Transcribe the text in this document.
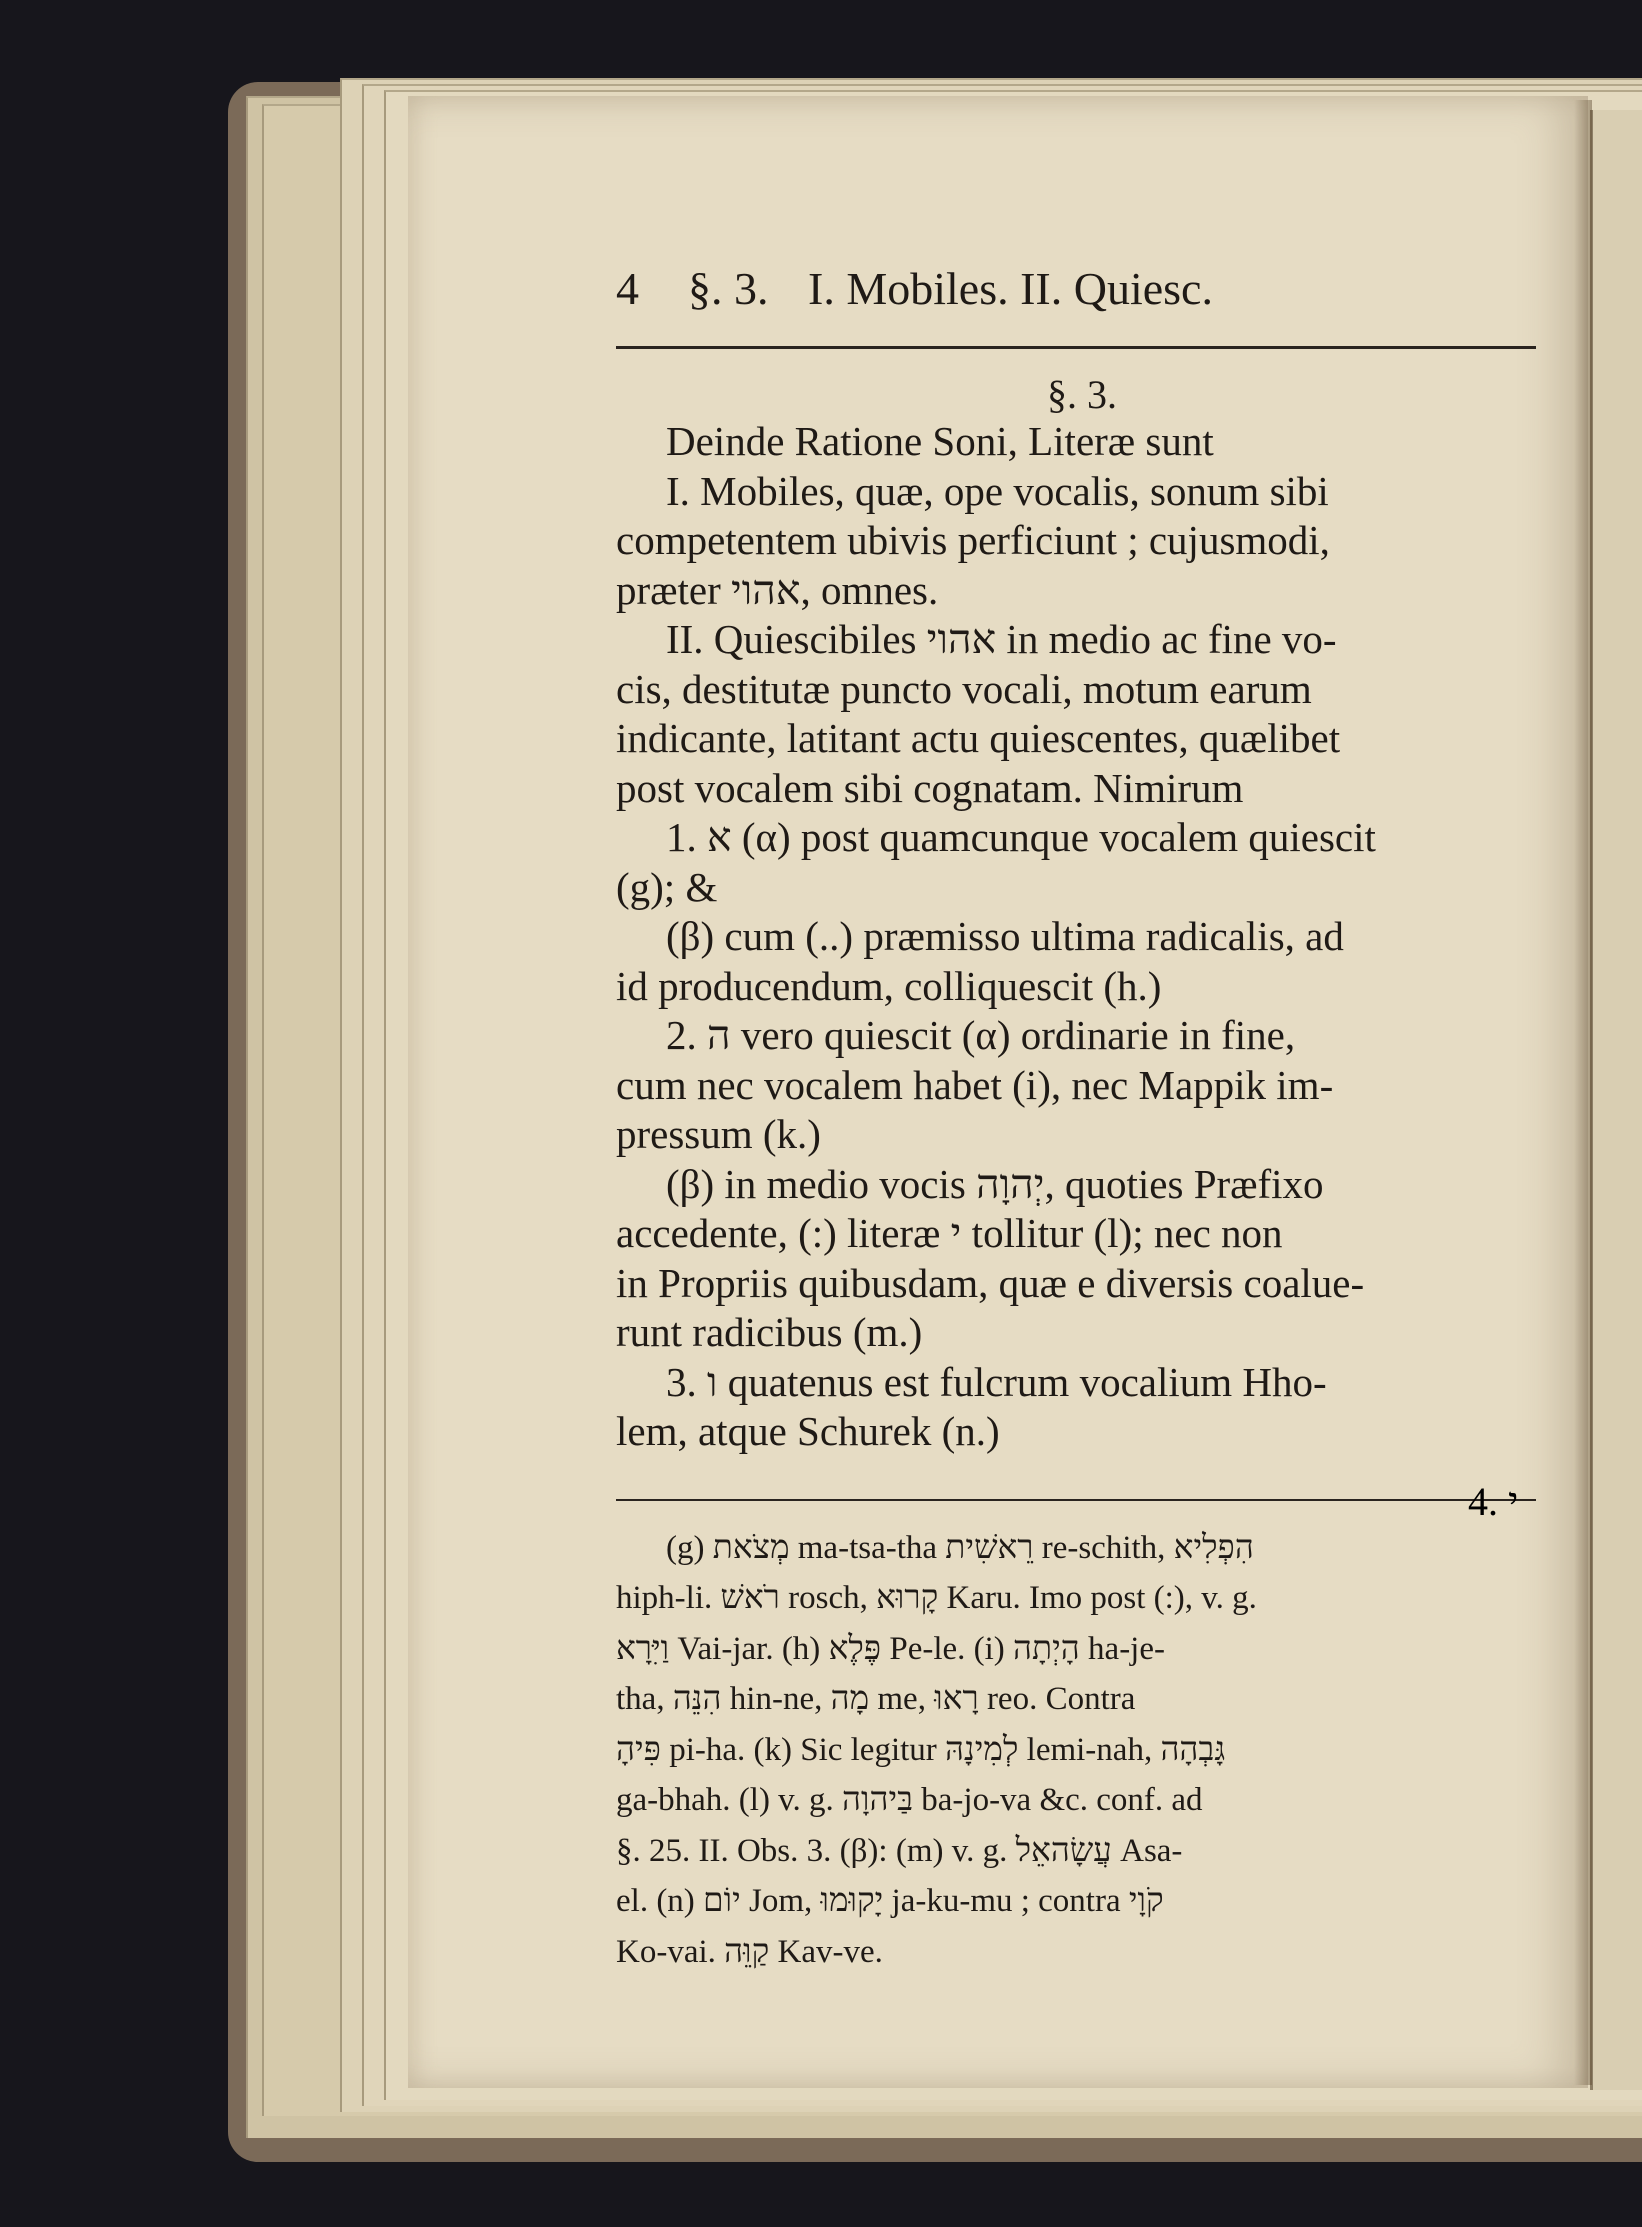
4	§. 3. I. Mobiles. II. Quiesc.
§. 3.
Deinde Ratione Soni, Literæ sunt
I. Mobiles, quæ, ope vocalis, sonum sibi
competentem ubivis perficiunt ; cujusmodi,
præter אהוי, omnes.
II. Quiescibiles אהוי in medio ac fine vo-
cis, destitutæ puncto vocali, motum earum
indicante, latitant actu quiescentes, quælibet
post vocalem sibi cognatam. Nimirum
1. א (α) post quamcunque vocalem quiescit
(g); &
(β) cum (..) præmisso ultima radicalis, ad
id producendum, colliquescit (h.)
2. ה vero quiescit (α) ordinarie in fine,
cum nec vocalem habet (i), nec Mappik im-
pressum (k.)
(β) in medio vocis יְהוָה, quoties Præfixo
accedente, (:) literæ י tollitur (l); nec non
in Propriis quibusdam, quæ e diversis coalue-
runt radicibus (m.)
3. ו quatenus est fulcrum vocalium Hho-
lem, atque Schurek (n.)
(g) מְצֹאת ma-tsa-tha רֵאשִׁית re-schith, הִפְלִיא
hiph-li. רֹאשׁ rosch, קָרוּא Karu. Imo post (:), v. g.
וַיִּרָא Vai-jar. (h) פֶּלֶא Pe-le. (i) הָיְתָה ha-je-
tha, הִנֵּה hin-ne, מָה me, רָאוּ reo. Contra
פִּיהָ pi-ha. (k) Sic legitur לְמִינָהּ lemi-nah, גָּבְהָה
ga-bhah. (l) v. g. בַּיהוָה ba-jo-va &c. conf. ad
§. 25. II. Obs. 3. (β): (m) v. g. עֲשָׂהאֵל Asa-
el. (n) יוֹם Jom, יָקוּמוּ ja-ku-mu ; contra קֹוָי
Ko-vai. קַוֵּה Kav-ve.
4. י
